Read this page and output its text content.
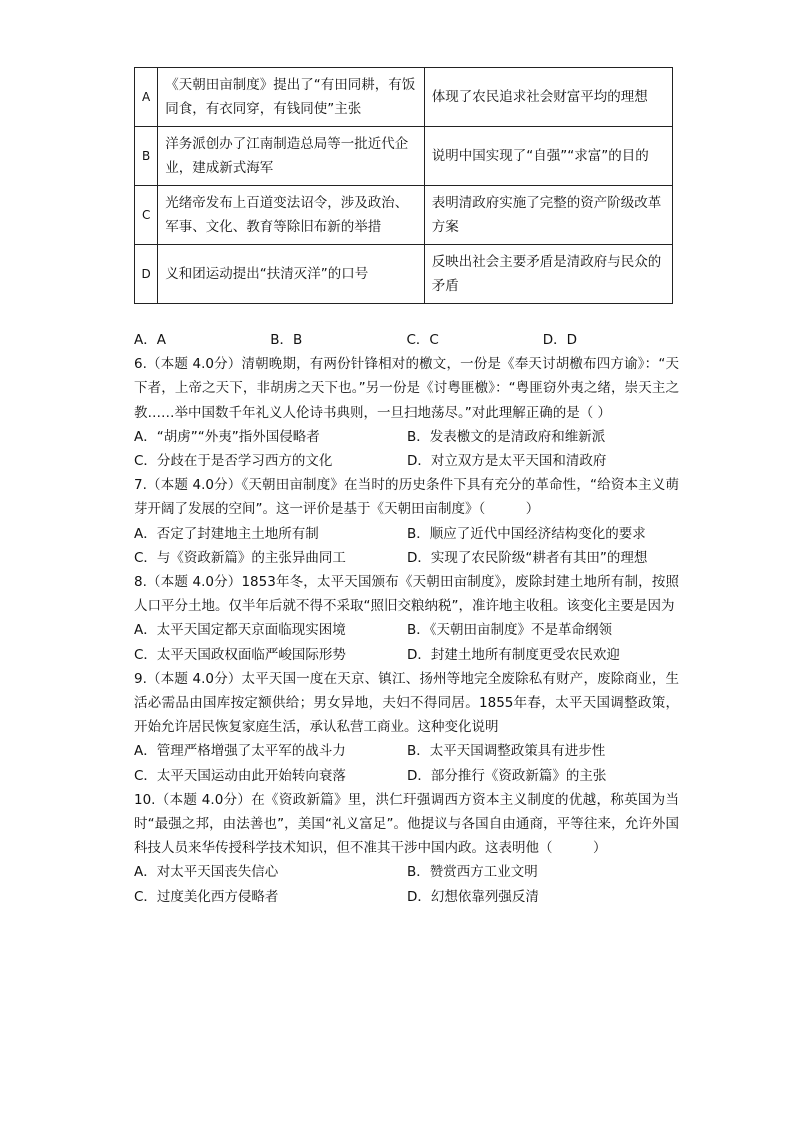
A	《天朝田亩制度》提出了“有田同耕，有饭同食，有衣同穿，有钱同使”主张	体现了农民追求社会财富平均的理想
B	洋务派创办了江南制造总局等一批近代企业，建成新式海军	说明中国实现了“自强”“求富”的目的
C	光绪帝发布上百道变法诏令，涉及政治、军事、文化、教育等除旧布新的举措	表明清政府实施了完整的资产阶级改革方案
D	义和团运动提出“扶清灭洋”的口号	反映出社会主要矛盾是清政府与民众的矛盾
A．A	B．B	C．C	D．D
6.（本题 4.0分）清朝晚期，有两份针锋相对的檄文，一份是《奉天讨胡檄布四方谕》：“天下者，上帝之天下，非胡虏之天下也。”另一份是《讨粤匪檄》：“粤匪窃外夷之绪，崇天主之教……举中国数千年礼义人伦诗书典则，一旦扫地荡尽。”对此理解正确的是（ ）
A．“胡虏”“外夷”指外国侵略者	B．发表檄文的是清政府和维新派
C．分歧在于是否学习西方的文化	D．对立双方是太平天国和清政府
7.（本题 4.0分）《天朝田亩制度》在当时的历史条件下具有充分的革命性，“给资本主义萌芽开阔了发展的空间”。这一评价是基于《天朝田亩制度》（　　　）
A．否定了封建地主土地所有制	B．顺应了近代中国经济结构变化的要求
C．与《资政新篇》的主张异曲同工	D．实现了农民阶级“耕者有其田”的理想
8.（本题 4.0分）1853年冬，太平天国颁布《天朝田亩制度》，废除封建土地所有制，按照人口平分土地。仅半年后就不得不采取“照旧交粮纳税”，准许地主收租。该变化主要是因为
A．太平天国定都天京面临现实困境	B．《天朝田亩制度》不是革命纲领
C．太平天国政权面临严峻国际形势	D．封建土地所有制度更受农民欢迎
9.（本题 4.0分）太平天国一度在天京、镇江、扬州等地完全废除私有财产，废除商业，生活必需品由国库按定额供给；男女异地，夫妇不得同居。1855年春，太平天国调整政策，开始允许居民恢复家庭生活，承认私营工商业。这种变化说明
A．管理严格增强了太平军的战斗力	B．太平天国调整政策具有进步性
C．太平天国运动由此开始转向衰落	D．部分推行《资政新篇》的主张
10.（本题 4.0分）在《资政新篇》里，洪仁玕强调西方资本主义制度的优越，称英国为当时“最强之邦，由法善也”，美国“礼义富足”。他提议与各国自由通商，平等往来，允许外国科技人员来华传授科学技术知识，但不准其干涉中国内政。这表明他（　　　）
A．对太平天国丧失信心	B．赞赏西方工业文明
C．过度美化西方侵略者	D．幻想依靠列强反清
